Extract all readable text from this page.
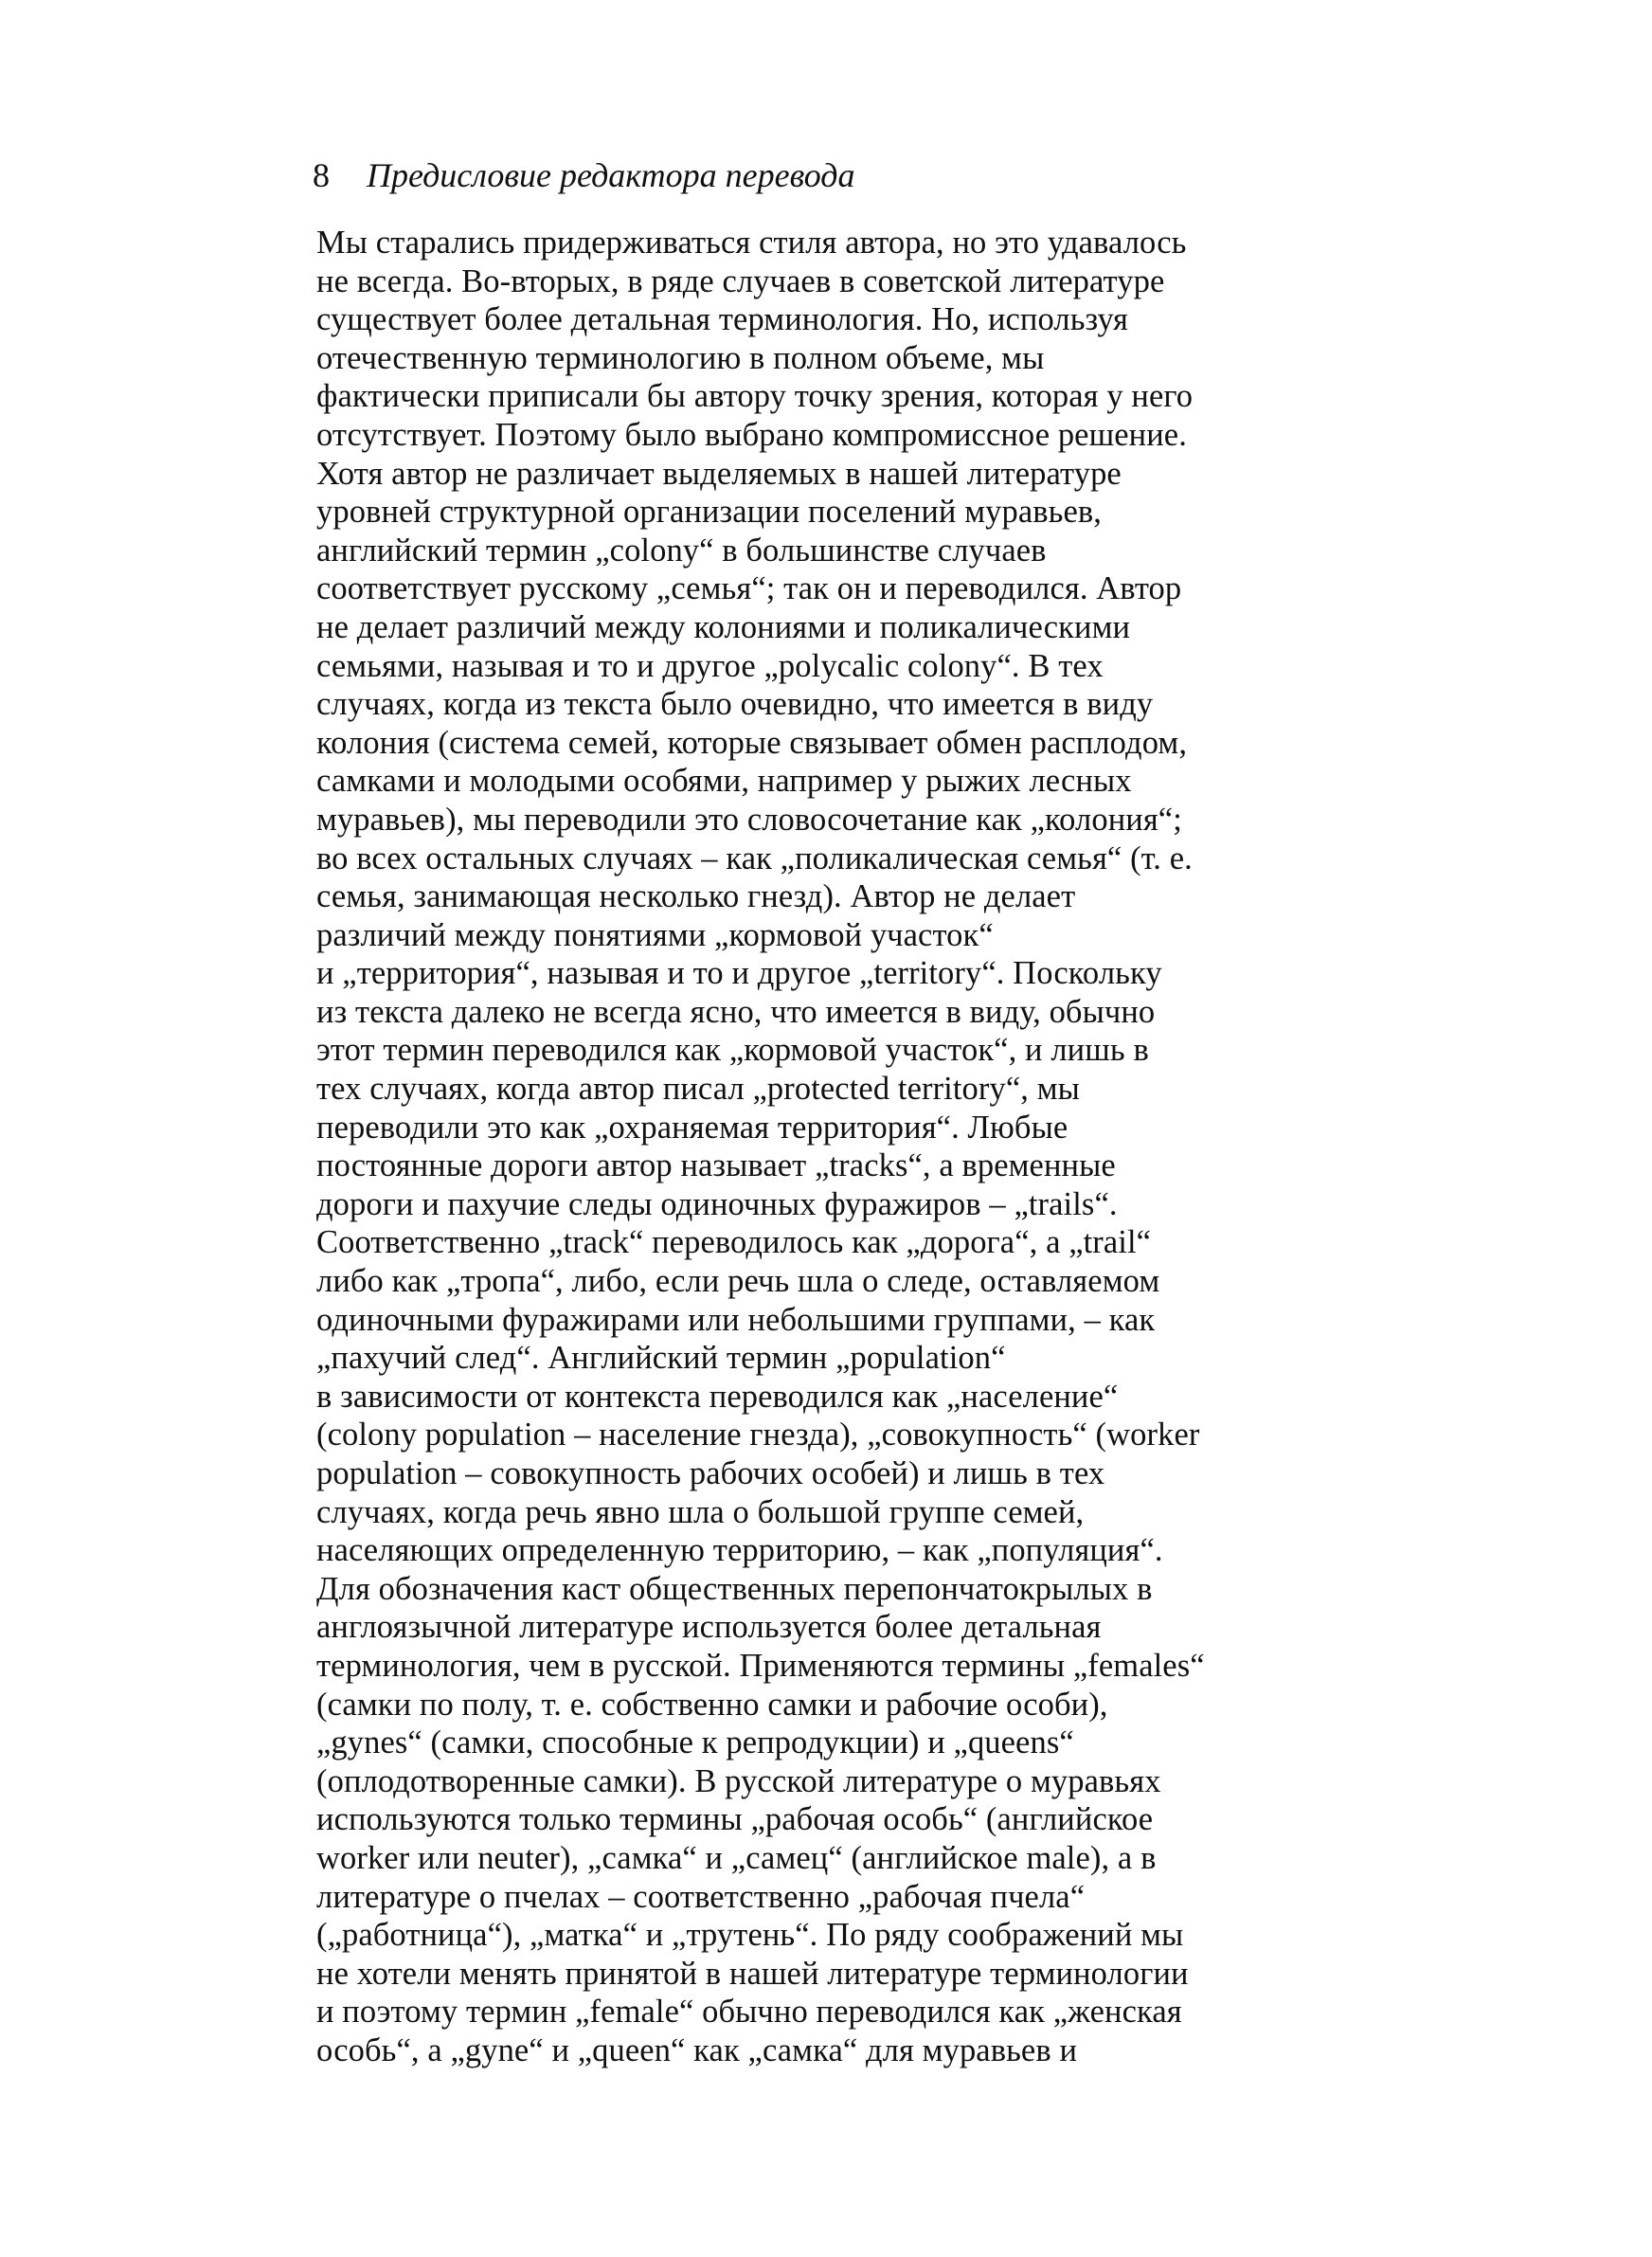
8 Предисловие редактора перевода
Мы старались придерживаться стиля автора, но это удавалось
не всегда. Во-вторых, в ряде случаев в советской литературе
существует более детальная терминология. Но, используя
отечественную терминологию в полном объеме, мы
фактически приписали бы автору точку зрения, которая у него
отсутствует. Поэтому было выбрано компромиссное решение.
Хотя автор не различает выделяемых в нашей литературе
уровней структурной организации поселений муравьев,
английский термин „colony“ в большинстве случаев
соответствует русскому „семья“; так он и переводился. Автор
не делает различий между колониями и поликалическими
семьями, называя и то и другое „polycalic colony“. В тех
случаях, когда из текста было очевидно, что имеется в виду
колония (система семей, которые связывает обмен расплодом,
самками и молодыми особями, например у рыжих лесных
муравьев), мы переводили это словосочетание как „колония“;
во всех остальных случаях – как „поликалическая семья“ (т. е.
семья, занимающая несколько гнезд). Автор не делает
различий между понятиями „кормовой участок“
и „территория“, называя и то и другое „territory“. Поскольку
из текста далеко не всегда ясно, что имеется в виду, обычно
этот термин переводился как „кормовой участок“, и лишь в
тех случаях, когда автор писал „protected territory“, мы
переводили это как „охраняемая территория“. Любые
постоянные дороги автор называет „tracks“, а временные
дороги и пахучие следы одиночных фуражиров – „trails“.
Соответственно „track“ переводилось как „дорога“, а „trail“
либо как „тропа“, либо, если речь шла о следе, оставляемом
одиночными фуражирами или небольшими группами, – как
„пахучий след“. Английский термин „population“
в зависимости от контекста переводился как „население“
(colony population – население гнезда), „совокупность“ (worker
population – совокупность рабочих особей) и лишь в тех
случаях, когда речь явно шла о большой группе семей,
населяющих определенную территорию, – как „популяция“.
Для обозначения каст общественных перепончатокрылых в
англоязычной литературе используется более детальная
терминология, чем в русской. Применяются термины „females“
(самки по полу, т. е. собственно самки и рабочие особи),
„gynes“ (самки, способные к репродукции) и „queens“
(оплодотворенные самки). В русской литературе о муравьях
используются только термины „рабочая особь“ (английское
worker или neuter), „самка“ и „самец“ (английское male), а в
литературе о пчелах – соответственно „рабочая пчела“
(„работница“), „матка“ и „трутень“. По ряду соображений мы
не хотели менять принятой в нашей литературе терминологии
и поэтому термин „female“ обычно переводился как „женская
особь“, а „gyne“ и „queen“ как „самка“ для муравьев и
